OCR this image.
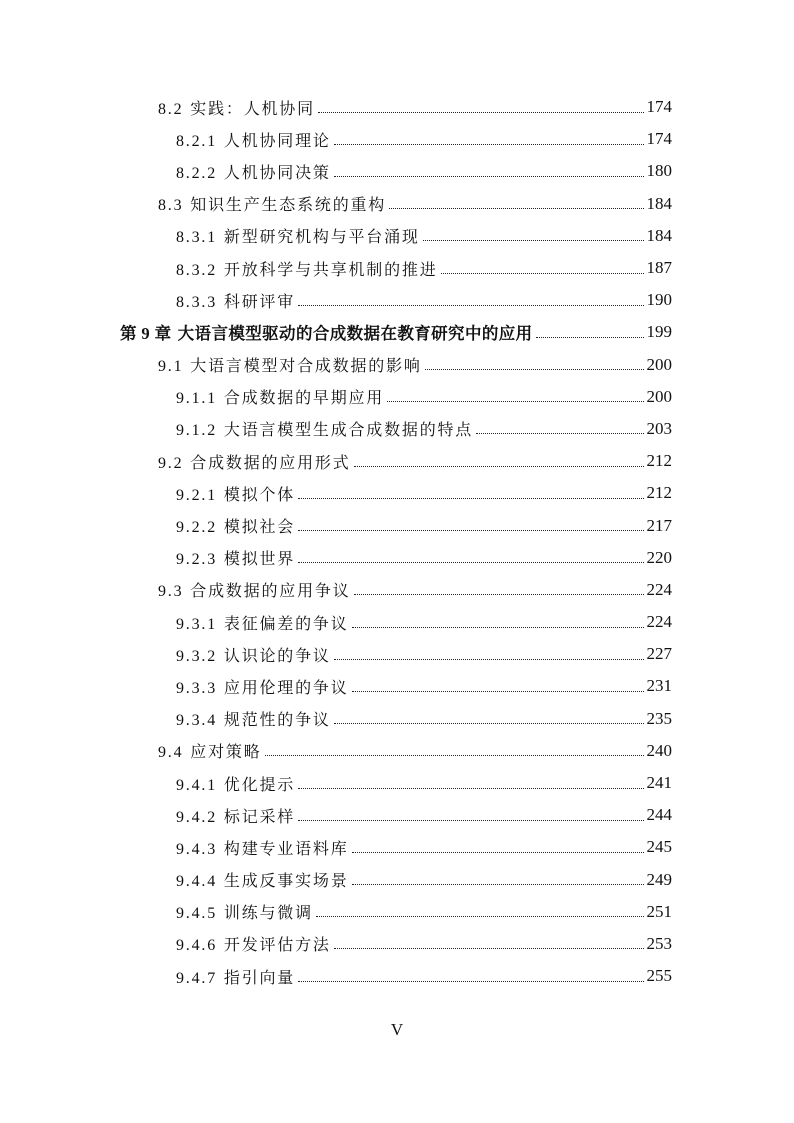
8.2 实践：人机协同	174
8.2.1 人机协同理论	174
8.2.2 人机协同决策	180
8.3 知识生产生态系统的重构	184
8.3.1 新型研究机构与平台涌现	184
8.3.2 开放科学与共享机制的推进	187
8.3.3 科研评审	190
第 9 章 大语言模型驱动的合成数据在教育研究中的应用	199
9.1 大语言模型对合成数据的影响	200
9.1.1 合成数据的早期应用	200
9.1.2 大语言模型生成合成数据的特点	203
9.2 合成数据的应用形式	212
9.2.1 模拟个体	212
9.2.2 模拟社会	217
9.2.3 模拟世界	220
9.3 合成数据的应用争议	224
9.3.1 表征偏差的争议	224
9.3.2 认识论的争议	227
9.3.3 应用伦理的争议	231
9.3.4 规范性的争议	235
9.4 应对策略	240
9.4.1 优化提示	241
9.4.2 标记采样	244
9.4.3 构建专业语料库	245
9.4.4 生成反事实场景	249
9.4.5 训练与微调	251
9.4.6 开发评估方法	253
9.4.7 指引向量	255
V
